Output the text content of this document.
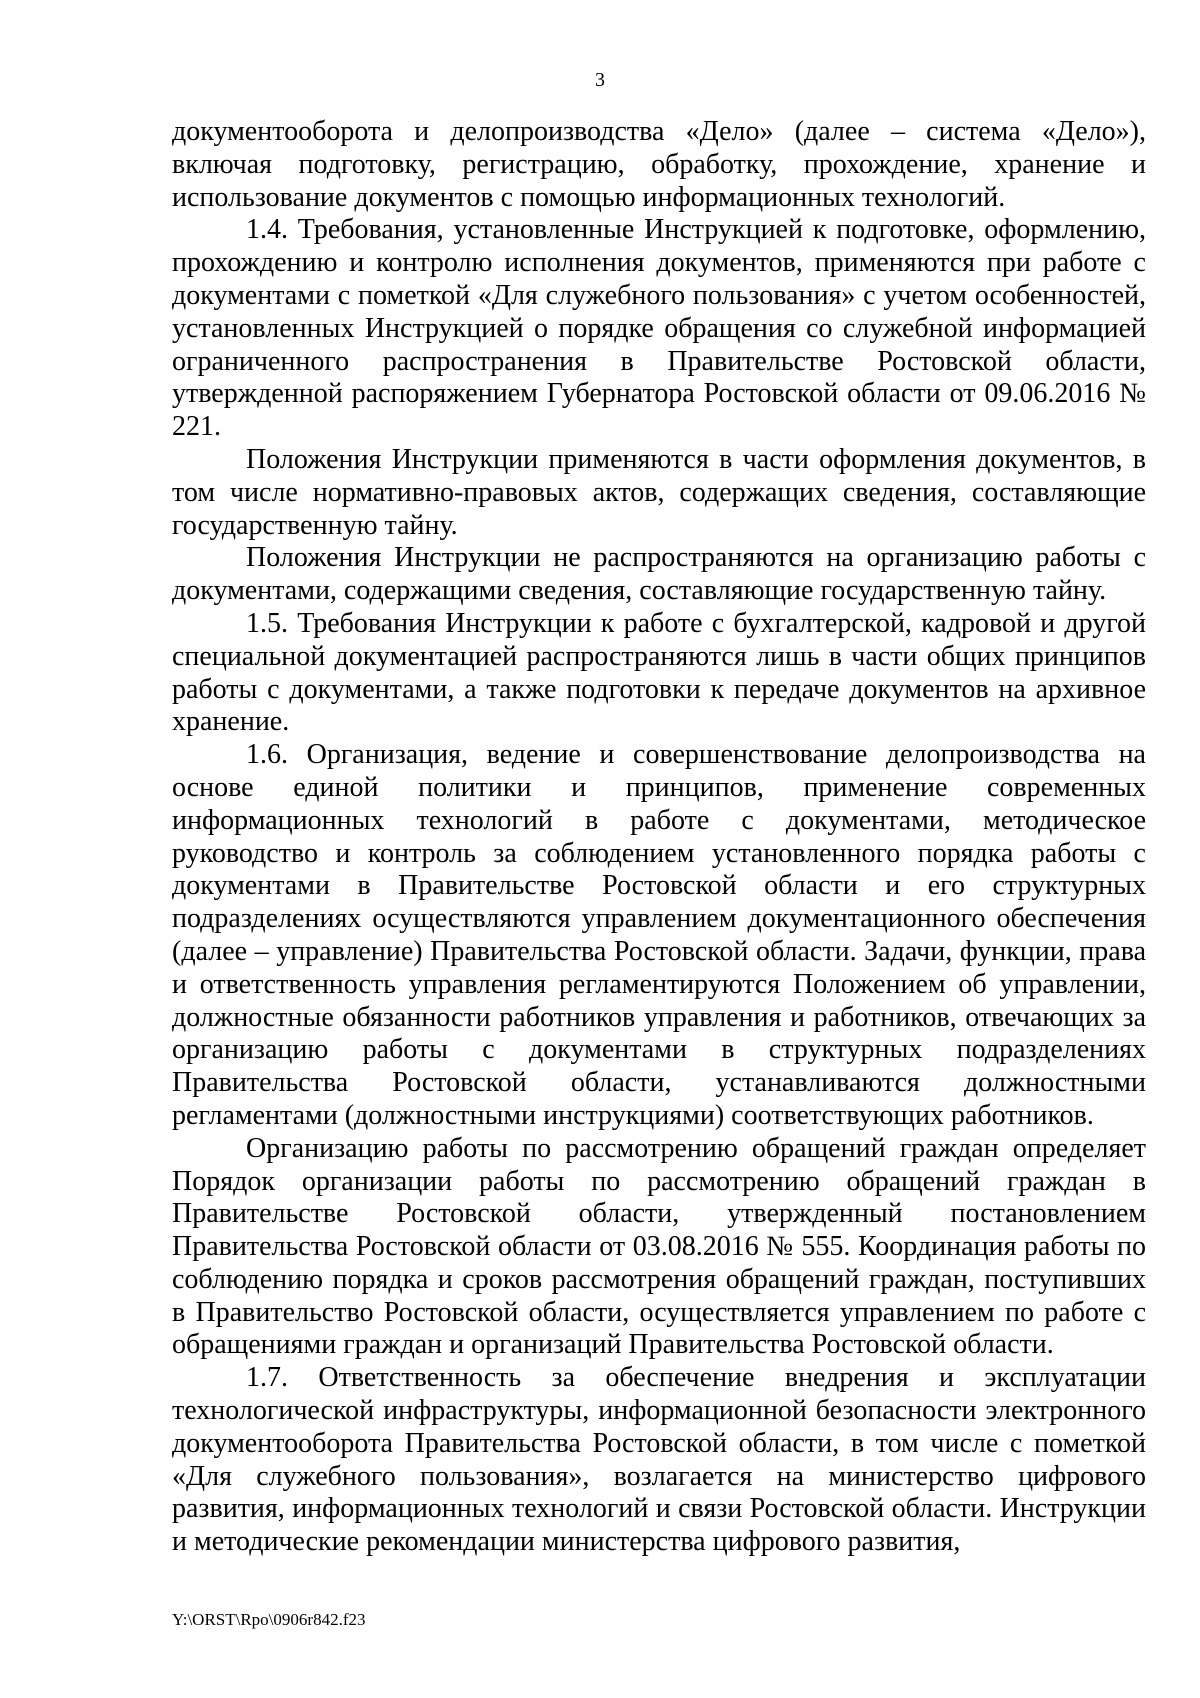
3

документооборота и делопроизводства «Дело» (далее – система «Дело»), включая подготовку, регистрацию, обработку, прохождение, хранение и использование документов с помощью информационных технологий.

1.4. Требования, установленные Инструкцией к подготовке, оформлению, прохождению и контролю исполнения документов, применяются при работе с документами с пометкой «Для служебного пользования» с учетом особенностей, установленных Инструкцией о порядке обращения со служебной информацией ограниченного распространения в Правительстве Ростовской области, утвержденной распоряжением Губернатора Ростовской области от 09.06.2016 № 221.

Положения Инструкции применяются в части оформления документов, в том числе нормативно-правовых актов, содержащих сведения, составляющие государственную тайну.

Положения Инструкции не распространяются на организацию работы с документами, содержащими сведения, составляющие государственную тайну.

1.5. Требования Инструкции к работе с бухгалтерской, кадровой и другой специальной документацией распространяются лишь в части общих принципов работы с документами, а также подготовки к передаче документов на архивное хранение.

1.6. Организация, ведение и совершенствование делопроизводства на основе единой политики и принципов, применение современных информационных технологий в работе с документами, методическое руководство и контроль за соблюдением установленного порядка работы с документами в Правительстве Ростовской области и его структурных подразделениях осуществляются управлением документационного обеспечения (далее – управление) Правительства Ростовской области. Задачи, функции, права и ответственность управления регламентируются Положением об управлении, должностные обязанности работников управления и работников, отвечающих за организацию работы с документами в структурных подразделениях Правительства Ростовской области, устанавливаются должностными регламентами (должностными инструкциями) соответствующих работников.

Организацию работы по рассмотрению обращений граждан определяет Порядок организации работы по рассмотрению обращений граждан в Правительстве Ростовской области, утвержденный постановлением Правительства Ростовской области от 03.08.2016 № 555. Координация работы по соблюдению порядка и сроков рассмотрения обращений граждан, поступивших в Правительство Ростовской области, осуществляется управлением по работе с обращениями граждан и организаций Правительства Ростовской области.

1.7. Ответственность за обеспечение внедрения и эксплуатации технологической инфраструктуры, информационной безопасности электронного документооборота Правительства Ростовской области, в том числе с пометкой «Для служебного пользования», возлагается на министерство цифрового развития, информационных технологий и связи Ростовской области. Инструкции и методические рекомендации министерства цифрового развития,

Y:\ORST\Rpo\0906r842.f23
